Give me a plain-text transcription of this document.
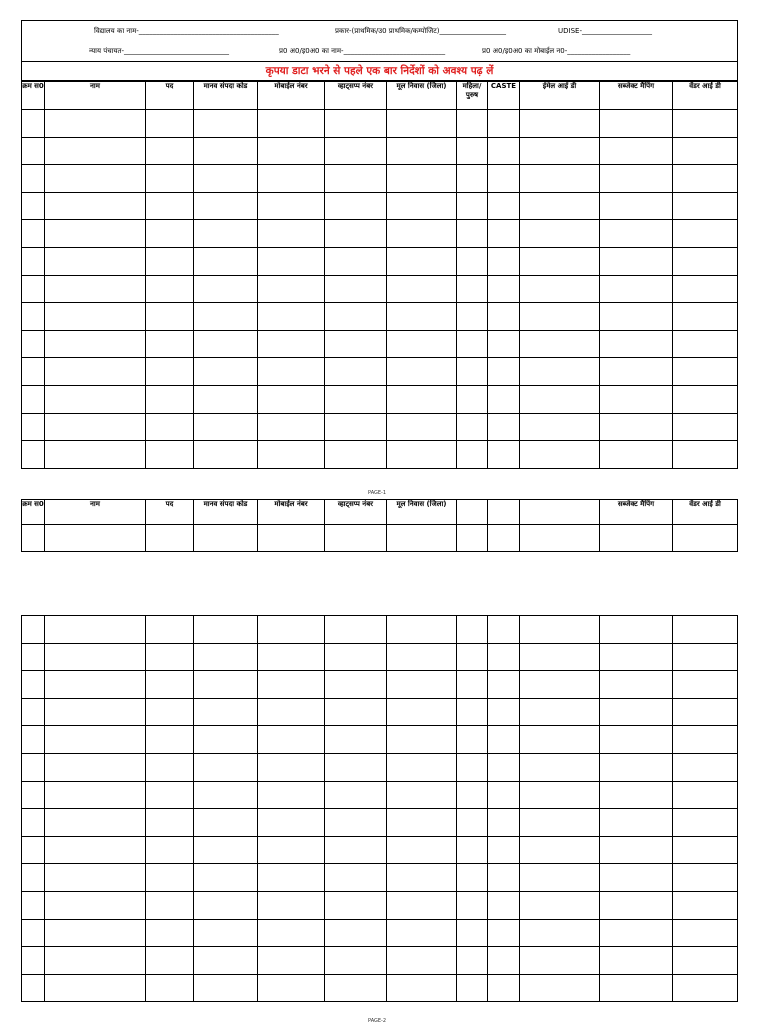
विद्यालय का नाम-________________________________________	प्रकार-(प्राथमिक/उ0 प्राथमिक/कम्पोजिट)___________________	UDISE-____________________
न्याय पंचायत-______________________________	प्र0 अ0/इ0अ0 का नाम-_____________________________	प्र0 अ0/इ0अ0 का मोबाईल न0-__________________
कृपया डाटा भरने से पहले एक बार निर्देशों को अवश्य पढ़ लें
क्रम स0	नाम	पद	मानव संपदा कोड	मोबाईल नंबर	व्हाट्सप्प नंबर	मूल निवास (जिला)	महिला/ पुरुष	CASTE	ईमेल आई डी	सब्जेक्ट मैपिंग	वेंडर आई डी

PAGE-1
क्रम स0	नाम	पद	मानव संपदा कोड	मोबाईल नंबर	व्हाट्सप्प नंबर	मूल निवास (जिला)				सब्जेक्ट मैपिंग	वेंडर आई डी

PAGE-2
